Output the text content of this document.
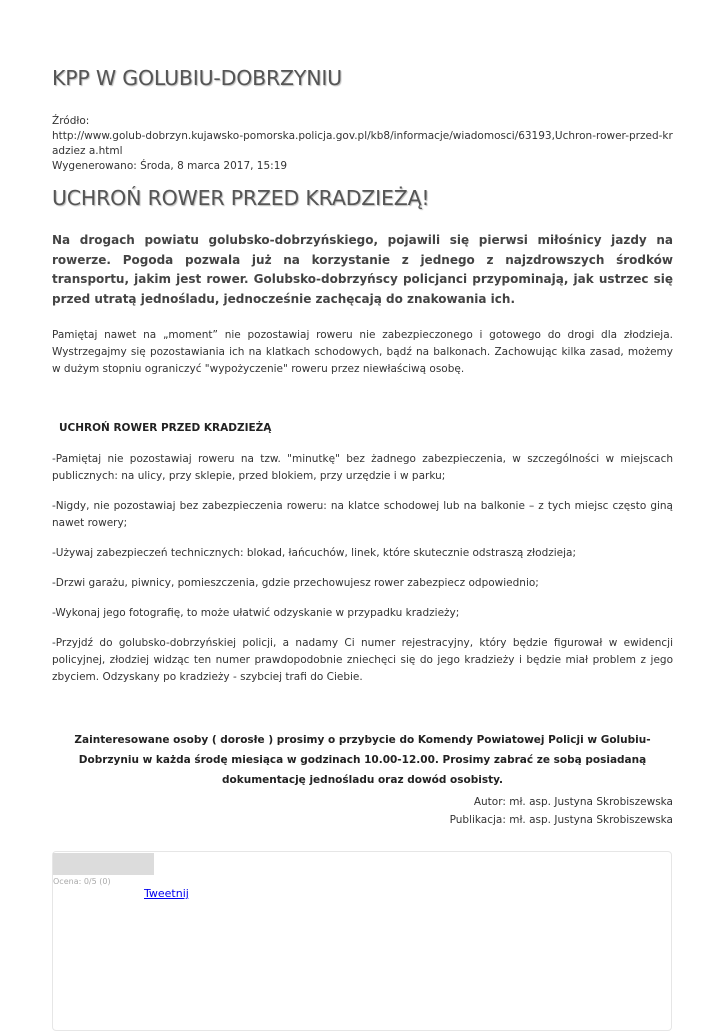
KPP W GOLUBIU-DOBRZYNIU
Źródło:
http://www.golub-dobrzyn.kujawsko-pomorska.policja.gov.pl/kb8/informacje/wiadomosci/63193,Uchron-rower-przed-kradziez a.html
Wygenerowano: Środa, 8 marca 2017, 15:19
UCHROŃ ROWER PRZED KRADZIEŻĄ!

Na drogach powiatu golubsko-dobrzyńskiego, pojawili się pierwsi miłośnicy jazdy na rowerze. Pogoda pozwala już na korzystanie z jednego z najzdrowszych środków transportu, jakim jest rower. Golubsko-dobrzyńscy policjanci przypominają, jak ustrzec się przed utratą jednośladu, jednocześnie zachęcają do znakowania ich.

Pamiętaj nawet na „moment” nie pozostawiaj roweru nie zabezpieczonego i gotowego do drogi dla złodzieja. Wystrzegajmy się pozostawiania ich na klatkach schodowych, bądź na balkonach. Zachowując kilka zasad, możemy w dużym stopniu ograniczyć "wypożyczenie" roweru przez niewłaściwą osobę.

UCHROŃ ROWER PRZED KRADZIEŻĄ

-Pamiętaj nie pozostawiaj roweru na tzw. "minutkę" bez żadnego zabezpieczenia, w szczególności w miejscach publicznych: na ulicy, przy sklepie, przed blokiem, przy urzędzie i w parku;

-Nigdy, nie pozostawiaj bez zabezpieczenia roweru: na klatce schodowej lub na balkonie – z tych miejsc często giną nawet rowery;

-Używaj zabezpieczeń technicznych: blokad, łańcuchów, linek, które skutecznie odstraszą złodzieja;

-Drzwi garażu, piwnicy, pomieszczenia, gdzie przechowujesz rower zabezpiecz odpowiednio;

-Wykonaj jego fotografię, to może ułatwić odzyskanie w przypadku kradzieży;

-Przyjdź do golubsko-dobrzyńskiej policji, a nadamy Ci numer rejestracyjny, który będzie figurował w ewidencji policyjnej, złodziej widząc ten numer prawdopodobnie zniechęci się do jego kradzieży i będzie miał problem z jego zbyciem. Odzyskany po kradzieży - szybciej trafi do Ciebie.

Zainteresowane osoby ( dorosłe ) prosimy o przybycie do Komendy Powiatowej Policji w Golubiu-Dobrzyniu w każda środę miesiąca w godzinach 10.00-12.00. Prosimy zabrać ze sobą posiadaną dokumentację jednośladu oraz dowód osobisty.

Autor: mł. asp. Justyna Skrobiszewska

Publikacja: mł. asp. Justyna Skrobiszewska

Ocena: 0/5 (0)
Tweetnij
